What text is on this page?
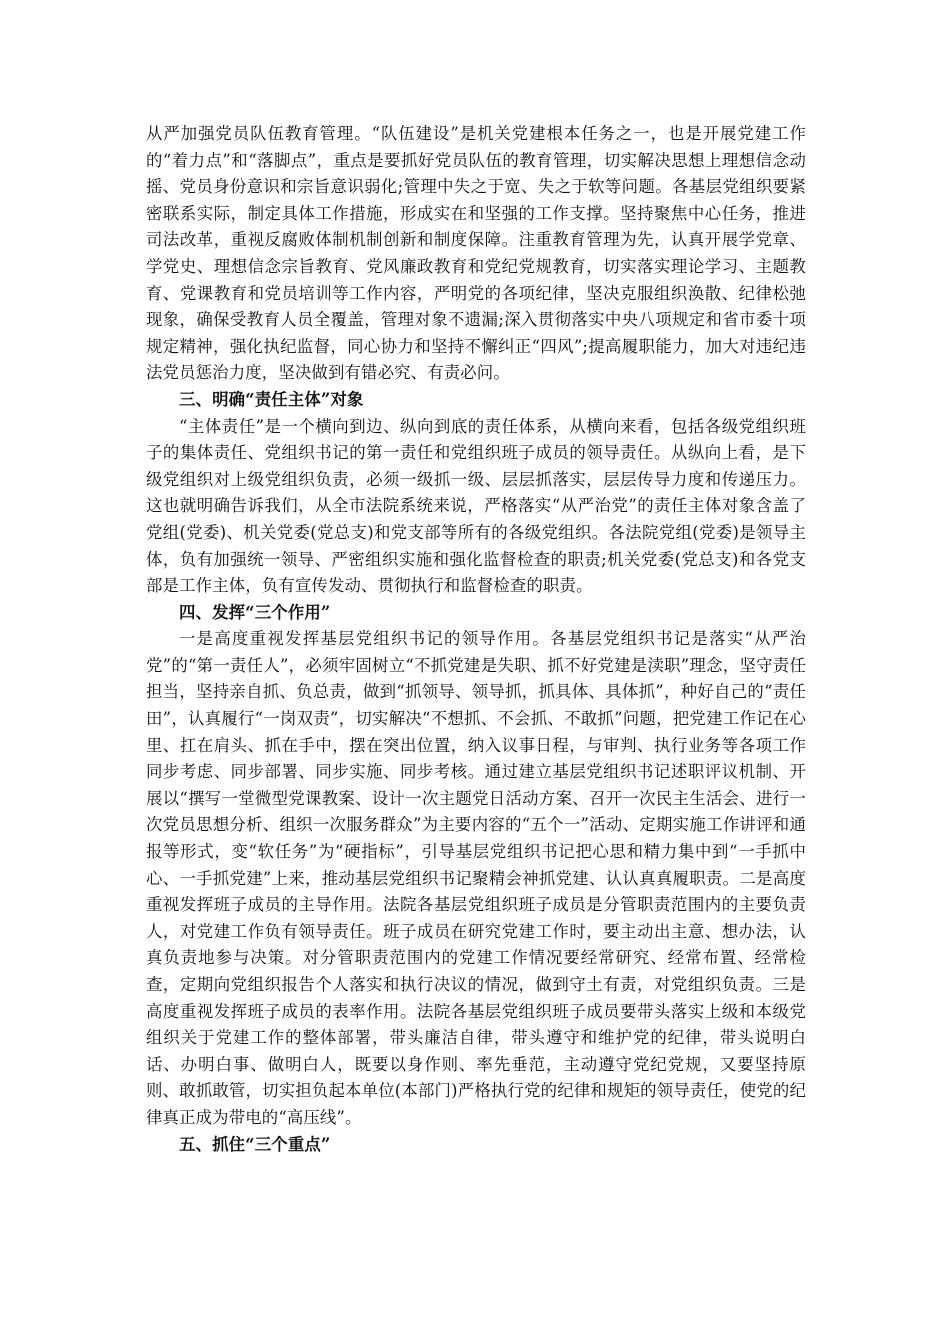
从严加强党员队伍教育管理。“队伍建设”是机关党建根本任务之一，也是开展党建工作的“着力点”和“落脚点”，重点是要抓好党员队伍的教育管理，切实解决思想上理想信念动摇、党员身份意识和宗旨意识弱化;管理中失之于宽、失之于软等问题。各基层党组织要紧密联系实际，制定具体工作措施，形成实在和坚强的工作支撑。坚持聚焦中心任务，推进司法改革，重视反腐败体制机制创新和制度保障。注重教育管理为先，认真开展学党章、学党史、理想信念宗旨教育、党风廉政教育和党纪党规教育，切实落实理论学习、主题教育、党课教育和党员培训等工作内容，严明党的各项纪律，坚决克服组织涣散、纪律松弛现象，确保受教育人员全覆盖，管理对象不遗漏;深入贯彻落实中央八项规定和省市委十项规定精神，强化执纪监督，同心协力和坚持不懈纠正“四风”;提高履职能力，加大对违纪违法党员惩治力度，坚决做到有错必究、有责必问。

三、明确“责任主体”对象

“主体责任”是一个横向到边、纵向到底的责任体系，从横向来看，包括各级党组织班子的集体责任、党组织书记的第一责任和党组织班子成员的领导责任。从纵向上看，是下级党组织对上级党组织负责，必须一级抓一级、层层抓落实，层层传导力度和传递压力。这也就明确告诉我们，从全市法院系统来说，严格落实“从严治党”的责任主体对象含盖了党组(党委)、机关党委(党总支)和党支部等所有的各级党组织。各法院党组(党委)是领导主体，负有加强统一领导、严密组织实施和强化监督检查的职责;机关党委(党总支)和各党支部是工作主体，负有宣传发动、贯彻执行和监督检查的职责。

四、发挥“三个作用”

一是高度重视发挥基层党组织书记的领导作用。各基层党组织书记是落实“从严治党”的“第一责任人”，必须牢固树立“不抓党建是失职、抓不好党建是渎职”理念，坚守责任担当，坚持亲自抓、负总责，做到“抓领导、领导抓，抓具体、具体抓”，种好自己的“责任田”，认真履行“一岗双责”，切实解决“不想抓、不会抓、不敢抓”问题，把党建工作记在心里、扛在肩头、抓在手中，摆在突出位置，纳入议事日程，与审判、执行业务等各项工作同步考虑、同步部署、同步实施、同步考核。通过建立基层党组织书记述职评议机制、开展以“撰写一堂微型党课教案、设计一次主题党日活动方案、召开一次民主生活会、进行一次党员思想分析、组织一次服务群众”为主要内容的“五个一”活动、定期实施工作讲评和通报等形式，变“软任务”为“硬指标”，引导基层党组织书记把心思和精力集中到“一手抓中心、一手抓党建”上来，推动基层党组织书记聚精会神抓党建、认认真真履职责。二是高度重视发挥班子成员的主导作用。法院各基层党组织班子成员是分管职责范围内的主要负责人，对党建工作负有领导责任。班子成员在研究党建工作时，要主动出主意、想办法，认真负责地参与决策。对分管职责范围内的党建工作情况要经常研究、经常布置、经常检查，定期向党组织报告个人落实和执行决议的情况，做到守土有责，对党组织负责。三是高度重视发挥班子成员的表率作用。法院各基层党组织班子成员要带头落实上级和本级党组织关于党建工作的整体部署，带头廉洁自律，带头遵守和维护党的纪律，带头说明白话、办明白事、做明白人，既要以身作则、率先垂范，主动遵守党纪党规，又要坚持原则、敢抓敢管，切实担负起本单位(本部门)严格执行党的纪律和规矩的领导责任，使党的纪律真正成为带电的“高压线”。

五、抓住“三个重点”
